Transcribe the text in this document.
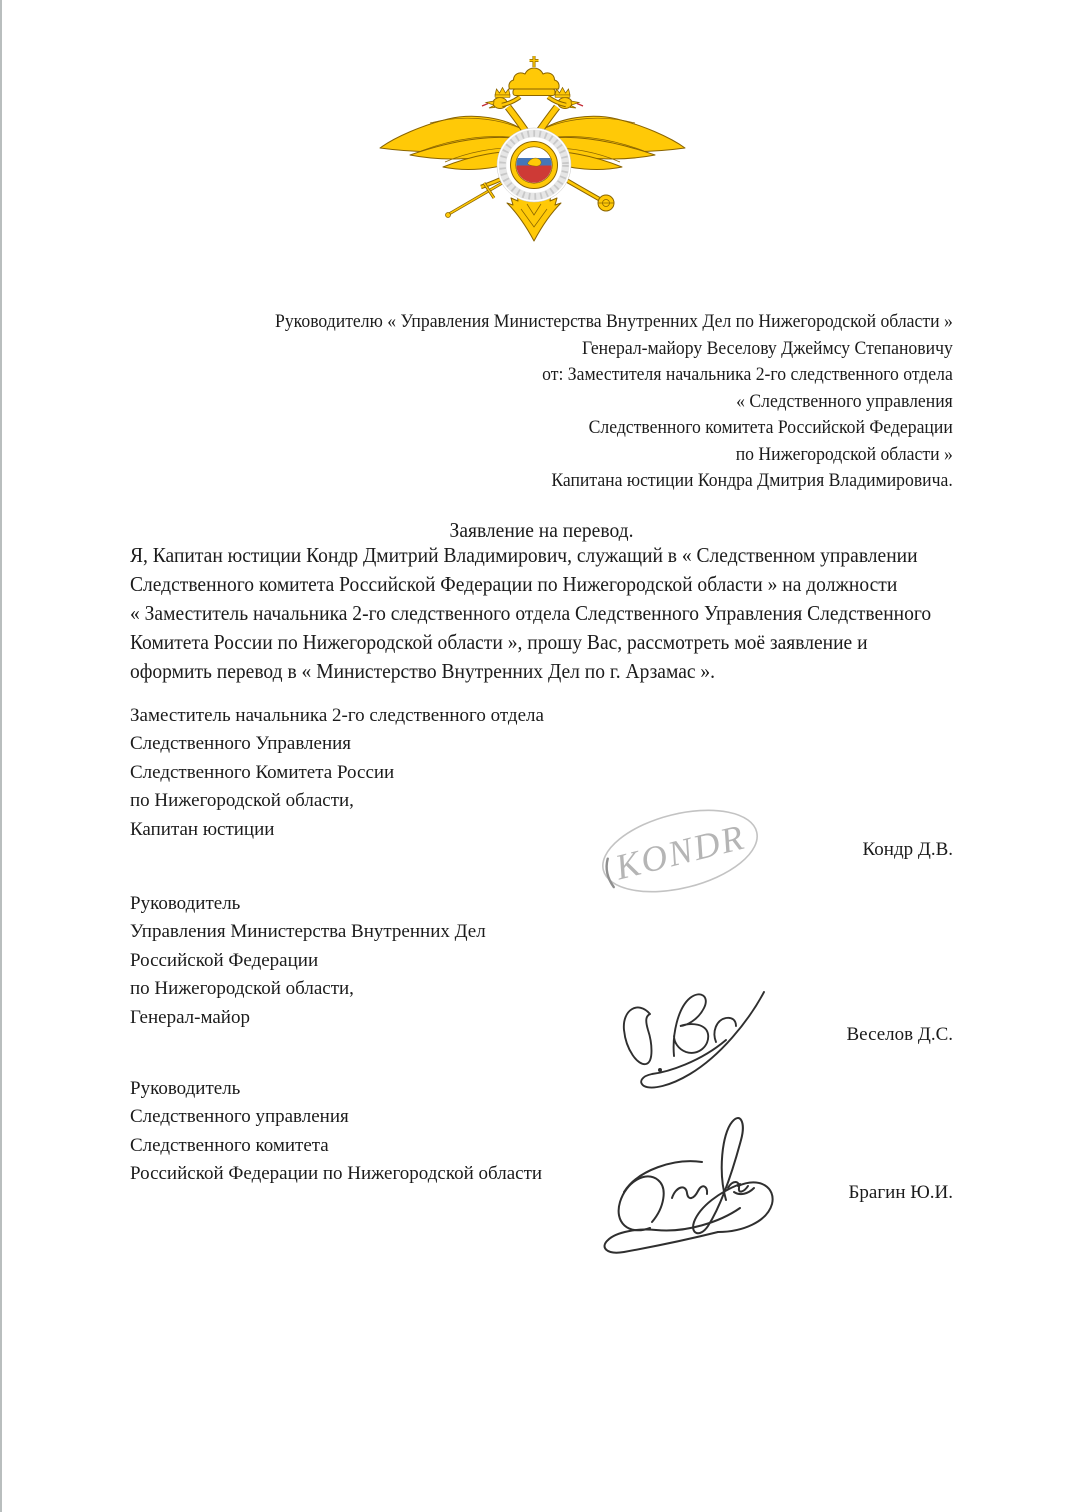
Руководителю « Управления Министерства Внутренних Дел по Нижегородской области »
Генерал-майору Веселову Джеймсу Степановичу
от: Заместителя начальника 2-го следственного отдела
« Следственного управления
Следственного комитета Российской Федерации
по Нижегородской области »
Капитана юстиции Кондра Дмитрия Владимировича.
Заявление на перевод.
Я, Капитан юстиции Кондр Дмитрий Владимирович, служащий в « Следственном управлении
Следственного комитета Российской Федерации по Нижегородской области » на должности
« Заместитель начальника 2-го следственного отдела Следственного Управления Следственного
Комитета России по Нижегородской области », прошу Вас, рассмотреть моё заявление и
оформить перевод в « Министерство Внутренних Дел по г. Арзамас ».
Заместитель начальника 2-го следственного отдела
Следственного Управления
Следственного Комитета России
по Нижегородской области,
Капитан юстиции	KONDR	Кондр Д.В.
Руководитель
Управления Министерства Внутренних Дел
Российской Федерации
по Нижегородской области,
Генерал-майор
Веселов Д.С.
Руководитель
Следственного управления
Следственного комитета
Российской Федерации по Нижегородской области
Брагин Ю.И.
